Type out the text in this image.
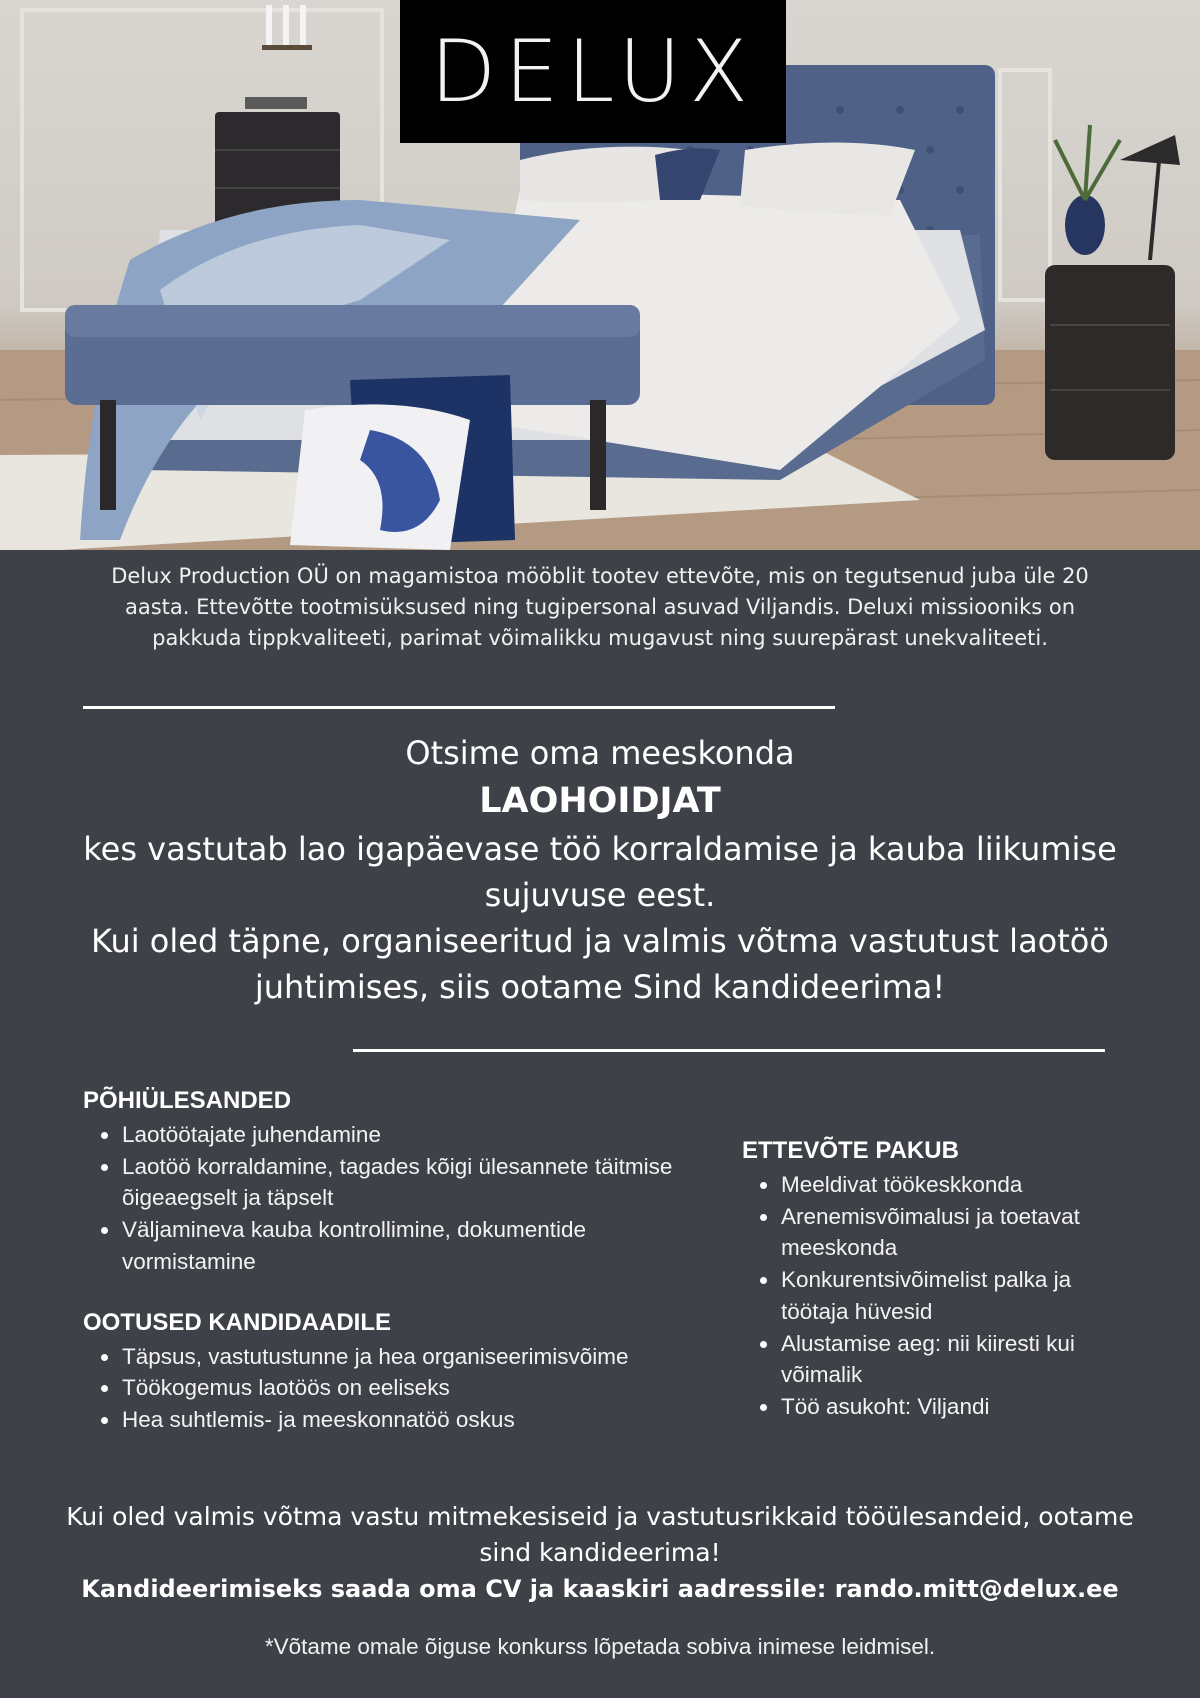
DELUX

Delux Production OÜ on magamistoa mööblit tootev ettevõte, mis on tegutsenud juba üle 20 aasta. Ettevõtte tootmisüksused ning tugipersonal asuvad Viljandis. Deluxi missiooniks on pakkuda tippkvaliteeti, parimat võimalikku mugavust ning suurepärast unekvaliteeti.

Otsime oma meeskonda
LAOHOIDJAT
kes vastutab lao igapäevase töö korraldamise ja kauba liikumise sujuvuse eest.
Kui oled täpne, organiseeritud ja valmis võtma vastutust laotöö juhtimises, siis ootame Sind kandideerima!
PÕHIÜLESANDED
Laotöötajate juhendamine
Laotöö korraldamine, tagades kõigi ülesannete täitmise õigeaegselt ja täpselt
Väljamineva kauba kontrollimine, dokumentide vormistamine
OOTUSED KANDIDAADILE
Täpsus, vastutustunne ja hea organiseerimisvõime
Töökogemus laotöös on eeliseks
Hea suhtlemis- ja meeskonnatöö oskus
ETTEVÕTE PAKUB
Meeldivat töökeskkonda
Arenemisvõimalusi ja toetavat meeskonda
Konkurentsivõimelist palka ja töötaja hüvesid
Alustamise aeg: nii kiiresti kui võimalik
Töö asukoht: Viljandi
Kui oled valmis võtma vastu mitmekesiseid ja vastutusrikkaid tööülesandeid, ootame sind kandideerima!
Kandideerimiseks saada oma CV ja kaaskiri aadressile: rando.mitt@delux.ee
*Võtame omale õiguse konkurss lõpetada sobiva inimese leidmisel.
